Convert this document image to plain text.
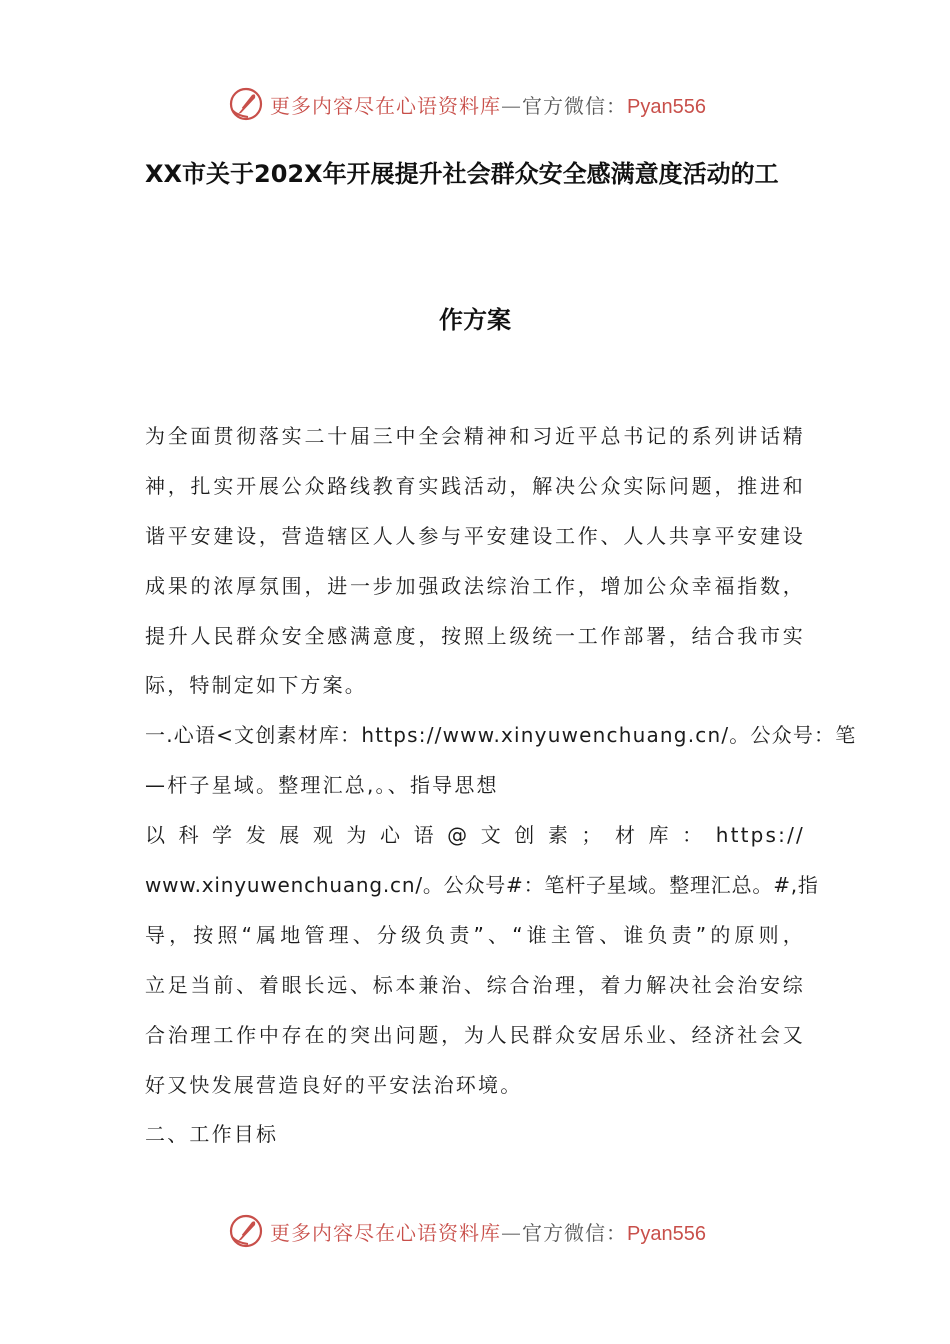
更多内容尽在心语资料库—官方微信：Pyan556
XX市关于202X年开展提升社会群众安全感满意度活动的工
作方案
为全面贯彻落实二十届三中全会精神和习近平总书记的系列讲话精
神，扎实开展公众路线教育实践活动，解决公众实际问题，推进和
谐平安建设，营造辖区人人参与平安建设工作、人人共享平安建设
成果的浓厚氛围，进一步加强政法综治工作，增加公众幸福指数，
提升人民群众安全感满意度，按照上级统一工作部署，结合我市实
际，特制定如下方案。
一.心语<文创素材库：https://www.xinyuwenchuang.cn/。公众号：笔
—杆子星域。整理汇总,。、指导思想
以科学发展观为心语@文创素；材库：https://
www.xinyuwenchuang.cn/。公众号#：笔杆子星域。整理汇总。#,指
导，按照“属地管理、分级负责”、“谁主管、谁负责”的原则，
立足当前、着眼长远、标本兼治、综合治理，着力解决社会治安综
合治理工作中存在的突出问题，为人民群众安居乐业、经济社会又
好又快发展营造良好的平安法治环境。
二、工作目标
更多内容尽在心语资料库—官方微信：Pyan556
